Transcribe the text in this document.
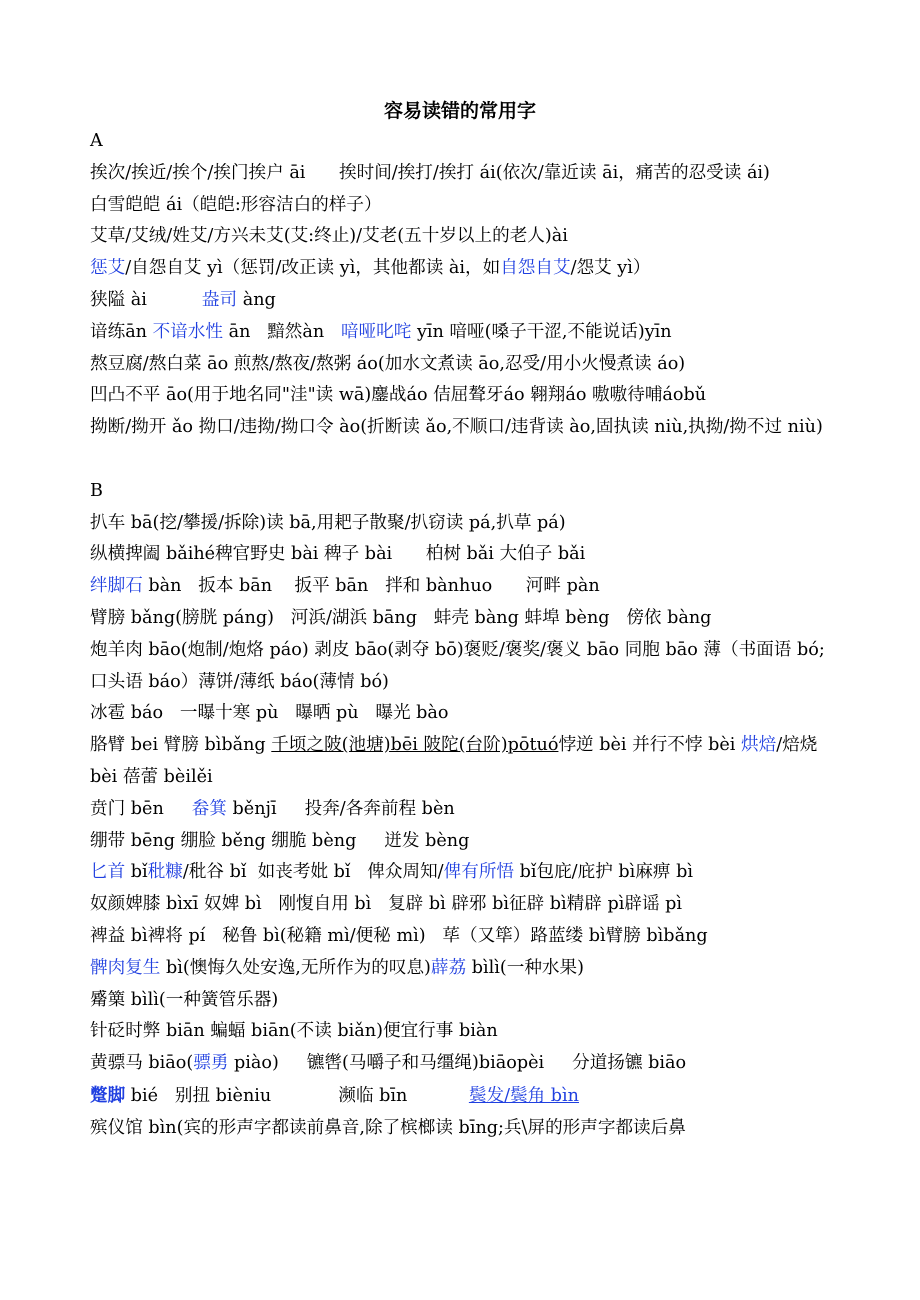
容易读错的常用字
A
挨次/挨近/挨个/挨门挨户 āi 挨时间/挨打/挨打 ái(依次/靠近读 āi，痛苦的忍受读 ái)
白雪皑皑 ái（皑皑:形容洁白的样子）
艾草/艾绒/姓艾/方兴未艾(艾:终止)/艾老(五十岁以上的老人)ài
惩艾/自怨自艾 yì（惩罚/改正读 yì，其他都读 ài，如自怨自艾/怨艾 yì）
狭隘 ài	盎司 àng
谙练ān 不谙水性 ān   黯然àn   喑哑叱咤 yīn 喑哑(嗓子干涩,不能说话)yīn
熬豆腐/熬白菜 āo 煎熬/熬夜/熬粥 áo(加水文煮读 āo,忍受/用小火慢煮读 áo)
凹凸不平 āo(用于地名同"洼"读 wā)鏖战áo 佶屈聱牙áo 翱翔áo 嗷嗷待哺áobǔ
拗断/拗开 ǎo 拗口/违拗/拗口令 ào(折断读 ǎo,不顺口/违背读 ào,固执读 niù,执拗/拗不过 niù)
B
扒车 bā(挖/攀援/拆除)读 bā,用耙子散聚/扒窃读 pá,扒草 pá)
纵横捭阖 bǎihé稗官野史 bài 稗子 bài      柏树 bǎi 大伯子 bǎi
绊脚石 bàn   扳本 bān    扳平 bān   拌和 bànhuo      河畔 pàn
臂膀 bǎng(膀胱 páng)   河浜/湖浜 bāng   蚌壳 bàng 蚌埠 bèng   傍依 bàng
炮羊肉 bāo(炮制/炮烙 páo) 剥皮 bāo(剥夺 bō)褒贬/褒奖/褒义 bāo 同胞 bāo 薄（书面语 bó;口头语 báo）薄饼/薄纸 báo(薄情 bó)
冰雹 báo   一曝十寒 pù   曝晒 pù   曝光 bào
胳臂 bei 臂膀 bìbǎng 千顷之陂(池塘)bēi 陂陀(台阶)pōtuó悖逆 bèi 并行不悖 bèi 烘焙/焙烧 bèi 蓓蕾 bèilěi
贲门 bēn     畚箕 běnjī     投奔/各奔前程 bèn
绷带 bēng 绷脸 běng 绷脆 bèng     迸发 bèng
匕首 bǐ秕糠/秕谷 bǐ  如丧考妣 bǐ   俾众周知/俾有所悟 bǐ包庇/庇护 bì麻痹 bì
奴颜婢膝 bìxī 奴婢 bì   刚愎自用 bì   复辟 bì 辟邪 bì征辟 bì精辟 pì辟谣 pì
裨益 bì裨将 pí   秘鲁 bì(秘籍 mì/便秘 mì)   荜（又筚）路蓝缕 bì臂膀 bìbǎng
髀肉复生 bì(懊悔久处安逸,无所作为的叹息)薜荔 bìlì(一种水果)
觱篥 bìlì(一种簧管乐器)
针砭时弊 biān 蝙蝠 biān(不读 biǎn)便宜行事 biàn
黄骠马 biāo(骠勇 piào)     镳辔(马嚼子和马缰绳)biāopèi     分道扬镳 biāo
蹩脚 bié   别扭 bièniu            濒临 bīn           鬓发/鬓角 bìn
殡仪馆 bìn(宾的形声字都读前鼻音,除了槟榔读 bīng;兵\屏的形声字都读后鼻
